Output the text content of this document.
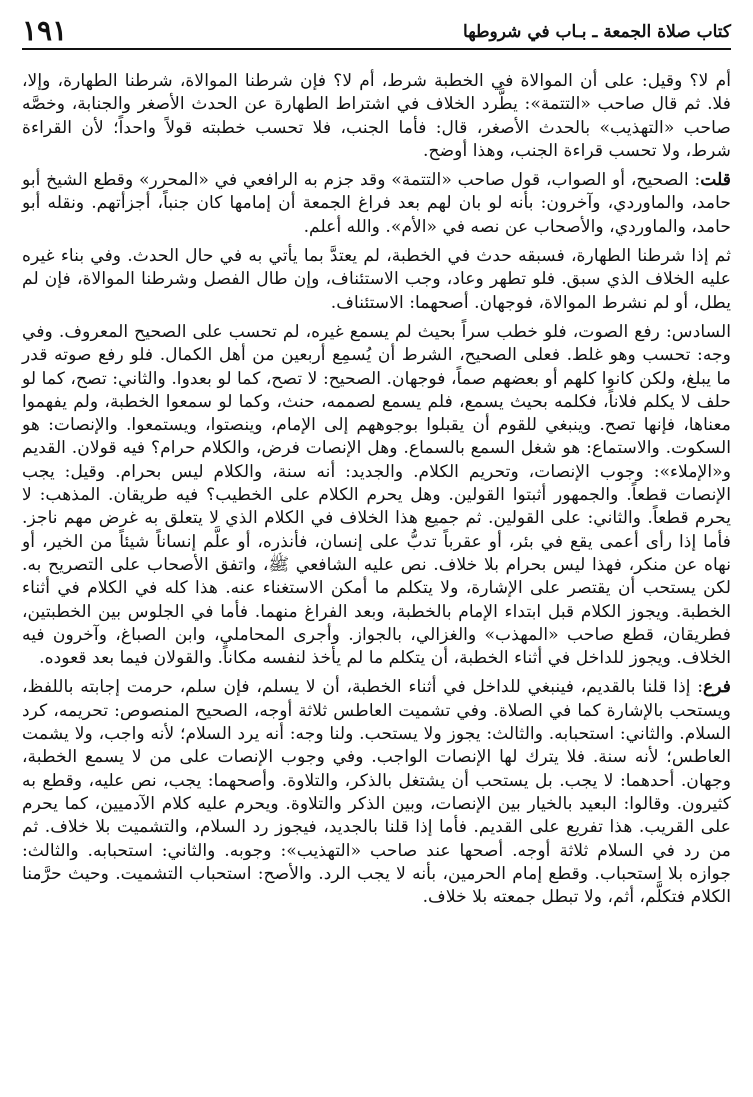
كتاب صلاة الجمعة ـ بـاب في شروطها
١٩١

أم لا؟ وقيل: على أن الموالاة في الخطبة شرط، أم لا؟ فإن شرطنا الموالاة، شرطنا الطهارة، وإلا، فلا. ثم قال صاحب «التتمة»: يطَّرد الخلاف في اشتراط الطهارة عن الحدث الأصغر والجنابة، وخصَّه صاحب «التهذيب» بالحدث الأصغر، قال: فأما الجنب، فلا تحسب خطبته قولاً واحداً؛ لأن القراءة شرط، ولا تحسب قراءة الجنب، وهذا أوضح.

قلت: الصحيح، أو الصواب، قول صاحب «التتمة» وقد جزم به الرافعي في «المحرر» وقطع الشيخ أبو حامد، والماوردي، وآخرون: بأنه لو بان لهم بعد فراغ الجمعة أن إمامها كان جنباً، أجزأتهم. ونقله أبو حامد، والماوردي، والأصحاب عن نصه في «الأم». والله أعلم.

ثم إذا شرطنا الطهارة، فسبقه حدث في الخطبة، لم يعتدَّ بما يأتي به في حال الحدث. وفي بناء غيره عليه الخلاف الذي سبق. فلو تطهر وعاد، وجب الاستئناف، وإن طال الفصل وشرطنا الموالاة، فإن لم يطل، أو لم نشرط الموالاة، فوجهان. أصحهما: الاستئناف.

السادس: رفع الصوت، فلو خطب سراً بحيث لم يسمع غيره، لم تحسب على الصحيح المعروف. وفي وجه: تحسب وهو غلط. فعلى الصحيح، الشرط أن يُسمِع أربعين من أهل الكمال. فلو رفع صوته قدر ما يبلغ، ولكن كانوا كلهم أو بعضهم صماً، فوجهان. الصحيح: لا تصح، كما لو بعدوا. والثاني: تصح، كما لو حلف لا يكلم فلاناً، فكلمه بحيث يسمع، فلم يسمع لصممه، حنث، وكما لو سمعوا الخطبة، ولم يفهموا معناها، فإنها تصح. وينبغي للقوم أن يقبلوا بوجوههم إلى الإمام، وينصتوا، ويستمعوا. والإنصات: هو السكوت. والاستماع: هو شغل السمع بالسماع. وهل الإنصات فرض، والكلام حرام؟ فيه قولان. القديم و«الإملاء»: وجوب الإنصات، وتحريم الكلام. والجديد: أنه سنة، والكلام ليس بحرام. وقيل: يجب الإنصات قطعاً. والجمهور أثبتوا القولين. وهل يحرم الكلام على الخطيب؟ فيه طريقان. المذهب: لا يحرم قطعاً. والثاني: على القولين. ثم جميع هذا الخلاف في الكلام الذي لا يتعلق به غرض مهم ناجز. فأما إذا رأى أعمى يقع في بئر، أو عقرباً تدبُّ على إنسان، فأنذره، أو علَّم إنساناً شيئاً من الخير، أو نهاه عن منكر، فهذا ليس بحرام بلا خلاف. نص عليه الشافعي ﷺ، واتفق الأصحاب على التصريح به. لكن يستحب أن يقتصر على الإشارة، ولا يتكلم ما أمكن الاستغناء عنه. هذا كله في الكلام في أثناء الخطبة. ويجوز الكلام قبل ابتداء الإمام بالخطبة، وبعد الفراغ منهما. فأما في الجلوس بين الخطبتين، فطريقان، قطع صاحب «المهذب» والغزالي، بالجواز. وأجرى المحاملي، وابن الصباغ، وآخرون فيه الخلاف. ويجوز للداخل في أثناء الخطبة، أن يتكلم ما لم يأخذ لنفسه مكاناً. والقولان فيما بعد قعوده.

فرع: إذا قلنا بالقديم، فينبغي للداخل في أثناء الخطبة، أن لا يسلم، فإن سلم، حرمت إجابته باللفظ، ويستحب بالإشارة كما في الصلاة. وفي تشميت العاطس ثلاثة أوجه، الصحيح المنصوص: تحريمه، كرد السلام. والثاني: استحبابه. والثالث: يجوز ولا يستحب. ولنا وجه: أنه يرد السلام؛ لأنه واجب، ولا يشمت العاطس؛ لأنه سنة. فلا يترك لها الإنصات الواجب. وفي وجوب الإنصات على من لا يسمع الخطبة، وجهان. أحدهما: لا يجب. بل يستحب أن يشتغل بالذكر، والتلاوة. وأصحهما: يجب، نص عليه، وقطع به كثيرون. وقالوا: البعيد بالخيار بين الإنصات، وبين الذكر والتلاوة. ويحرم عليه كلام الآدميين، كما يحرم على القريب. هذا تفريع على القديم. فأما إذا قلنا بالجديد، فيجوز رد السلام، والتشميت بلا خلاف. ثم من رد في السلام ثلاثة أوجه. أصحها عند صاحب «التهذيب»: وجوبه. والثاني: استحبابه. والثالث: جوازه بلا استحباب. وقطع إمام الحرمين، بأنه لا يجب الرد. والأصح: استحباب التشميت. وحيث حرَّمنا الكلام فتكلَّم، أثم، ولا تبطل جمعته بلا خلاف.
